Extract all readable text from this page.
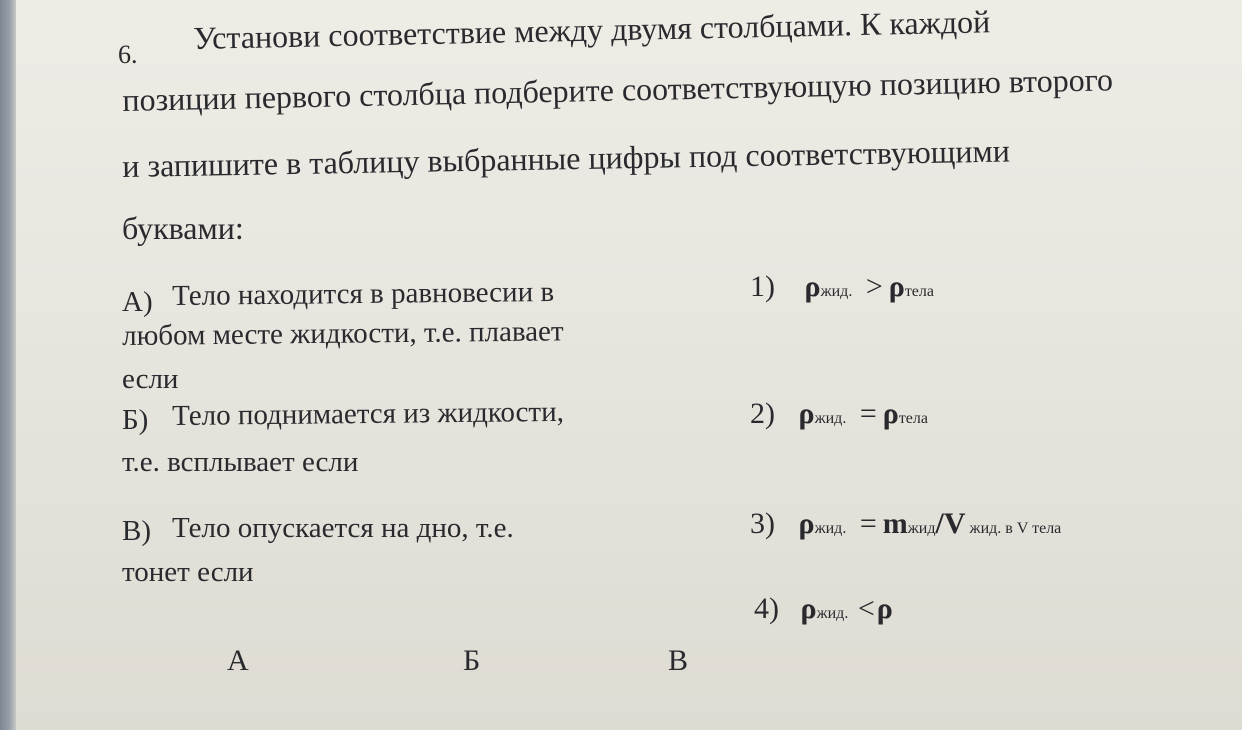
6. Установи соответствие между двумя столбцами. К каждой
позиции первого столбца подберите соответствующую позицию второго
и запишите в таблицу выбранные цифры под соответствующими
буквами:
А) Тело находится в равновесии в
любом месте жидкости, т.е. плавает
если
Б) Тело поднимается из жидкости,
т.е. всплывает если
В) Тело опускается на дно, т.е.
тонет если
1) ρжид. > ρтела
2) ρжид. = ρтела
3) ρжид. = mжид/V жид. в V тела
4) ρжид. <ρ
А	Б	В
